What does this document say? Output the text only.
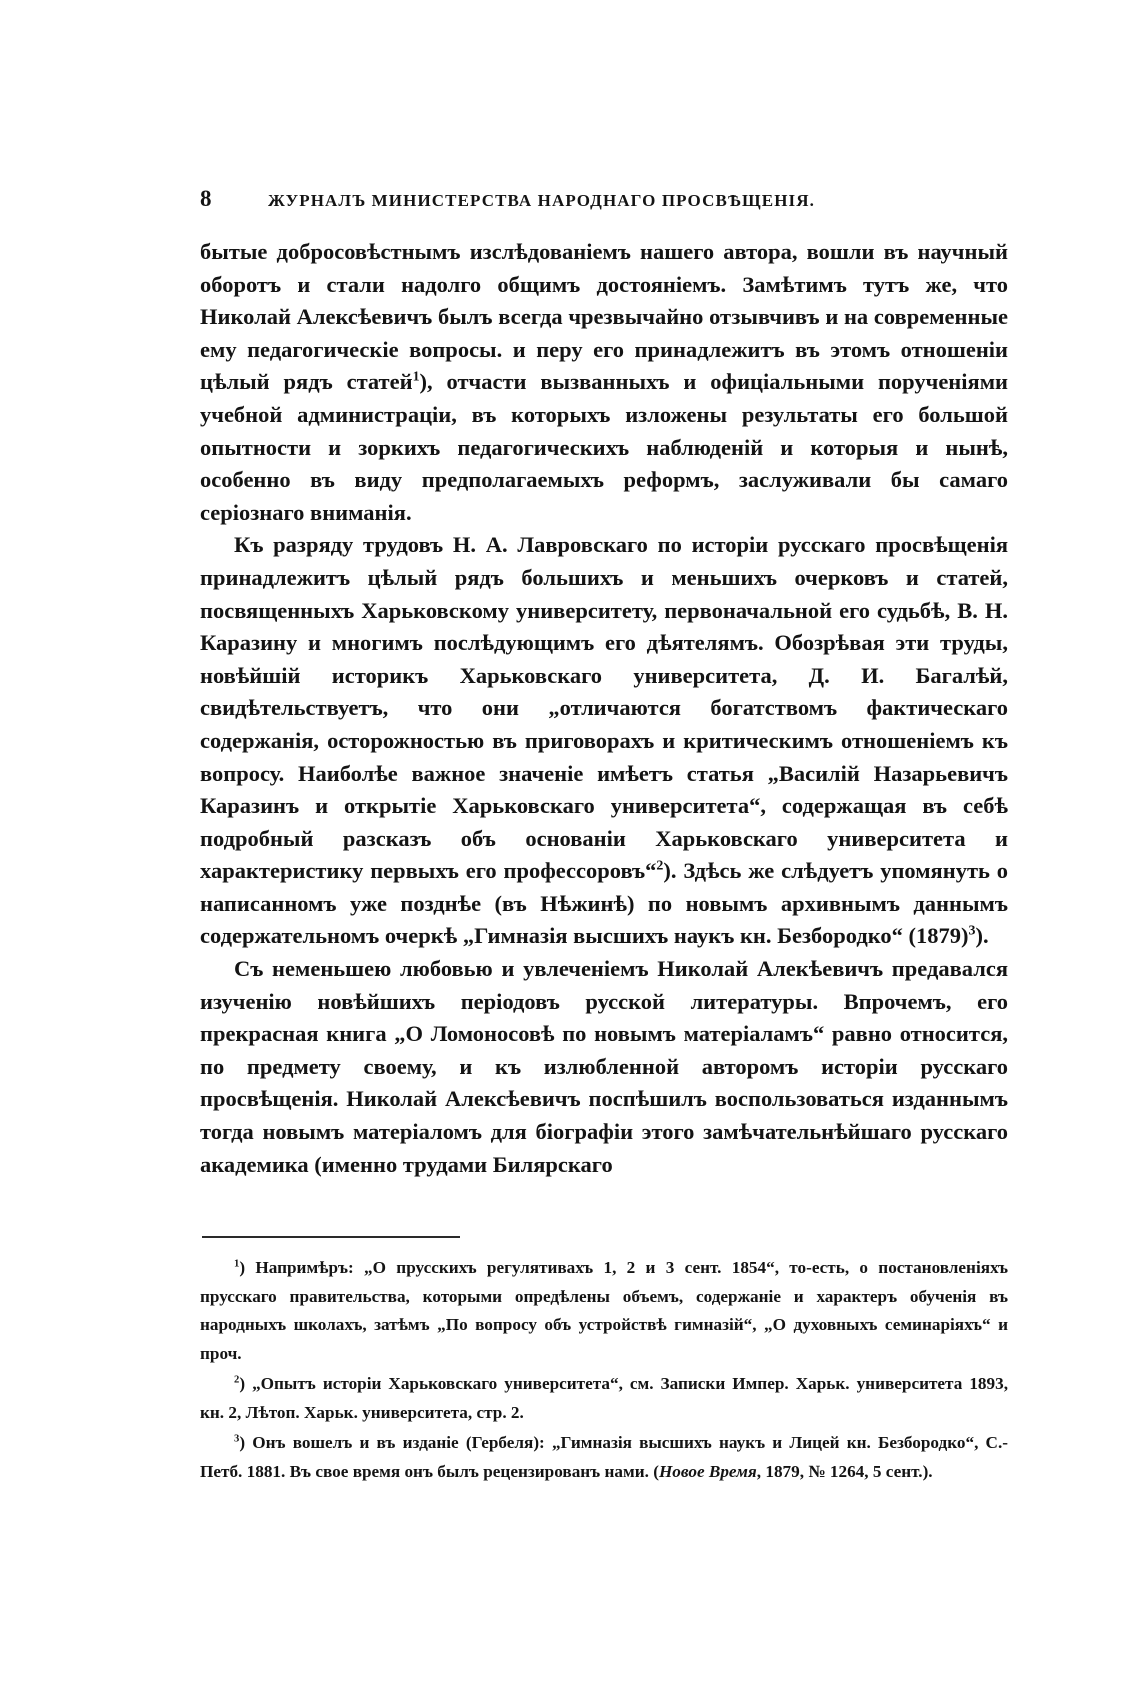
8	ЖУРНАЛЪ МИНИСТЕРСТВА НАРОДНАГО ПРОСВѢЩЕНІЯ.

бытые добросовѣстнымъ изслѣдованіемъ нашего автора, вошли въ научный оборотъ и стали надолго общимъ достояніемъ. Замѣтимъ тутъ же, что Николай Алексѣевичъ былъ всегда чрезвычайно отзывчивъ и на современные ему педагогическіе вопросы. и перу его принадлежитъ въ этомъ отношеніи цѣлый рядъ статей$^1$), отчасти вызванныхъ и офиціальными порученіями учебной администраціи, въ которыхъ изложены результаты его большой опытности и зоркихъ педагогическихъ наблюденій и которыя и нынѣ, особенно въ виду предполагаемыхъ реформъ, заслуживали бы самаго серіознаго вниманія.

Къ разряду трудовъ Н. А. Лавровскаго по исторіи русскаго просвѣщенія принадлежитъ цѣлый рядъ большихъ и меньшихъ очерковъ и статей, посвященныхъ Харьковскому университету, первоначальной его судьбѣ, В. Н. Каразину и многимъ послѣдующимъ его дѣятелямъ. Обозрѣвая эти труды, новѣйшій историкъ Харьковскаго университета, Д. И. Багалѣй, свидѣтельствуетъ, что они „отличаются богатствомъ фактическаго содержанія, осторожностью въ приговорахъ и критическимъ отношеніемъ къ вопросу. Наиболѣе важное значеніе имѣетъ статья „Василій Назарьевичъ Каразинъ и открытіе Харьковскаго университета“, содержащая въ себѣ подробный разсказъ объ основаніи Харьковскаго университета и характеристику первыхъ его профессоровъ“$^2$). Здѣсь же слѣдуетъ упомянуть о написанномъ уже позднѣе (въ Нѣжинѣ) по новымъ архивнымъ даннымъ содержательномъ очеркѣ „Гимназія высшихъ наукъ кн. Безбородко“ $(1879)^3$).

Съ неменьшею любовью и увлеченіемъ Николай Алекѣевичъ предавался изученію новѣйшихъ періодовъ русской литературы. Впрочемъ, его прекрасная книга „О Ломоносовѣ по новымъ матеріаламъ“ равно относится, по предмету своему, и къ излюбленной авторомъ исторіи русскаго просвѣщенія. Николай Алексѣевичъ поспѣшилъ воспользоваться изданнымъ тогда новымъ матеріаломъ для біографіи этого замѣчательнѣйшаго русскаго академика (именно трудами Билярскаго

$^1$) Напримѣръ: „О прусскихъ регулятивахъ 1, 2 и 3 сент. 1854“, то-есть, о постановленіяхъ прусскаго правительства, которыми опредѣлены объемъ, содержаніе и характеръ обученія въ народныхъ школахъ, затѣмъ „По вопросу объ устройствѣ гимназій“, „О духовныхъ семинаріяхъ“ и проч.

$^2$) „Опытъ исторіи Харьковскаго университета“, см. Записки Импер. Харьк. университета 1893, кн. 2, Лѣтоп. Харьк. университета, стр. 2.

$^3$) Онъ вошелъ и въ изданіе (Гербеля): „Гимназія высшихъ наукъ и Лицей кн. Безбородко“, С.-Петб. 1881. Въ свое время онъ былъ рецензированъ нами. (Новое Время, 1879, № 1264, 5 сент.).
